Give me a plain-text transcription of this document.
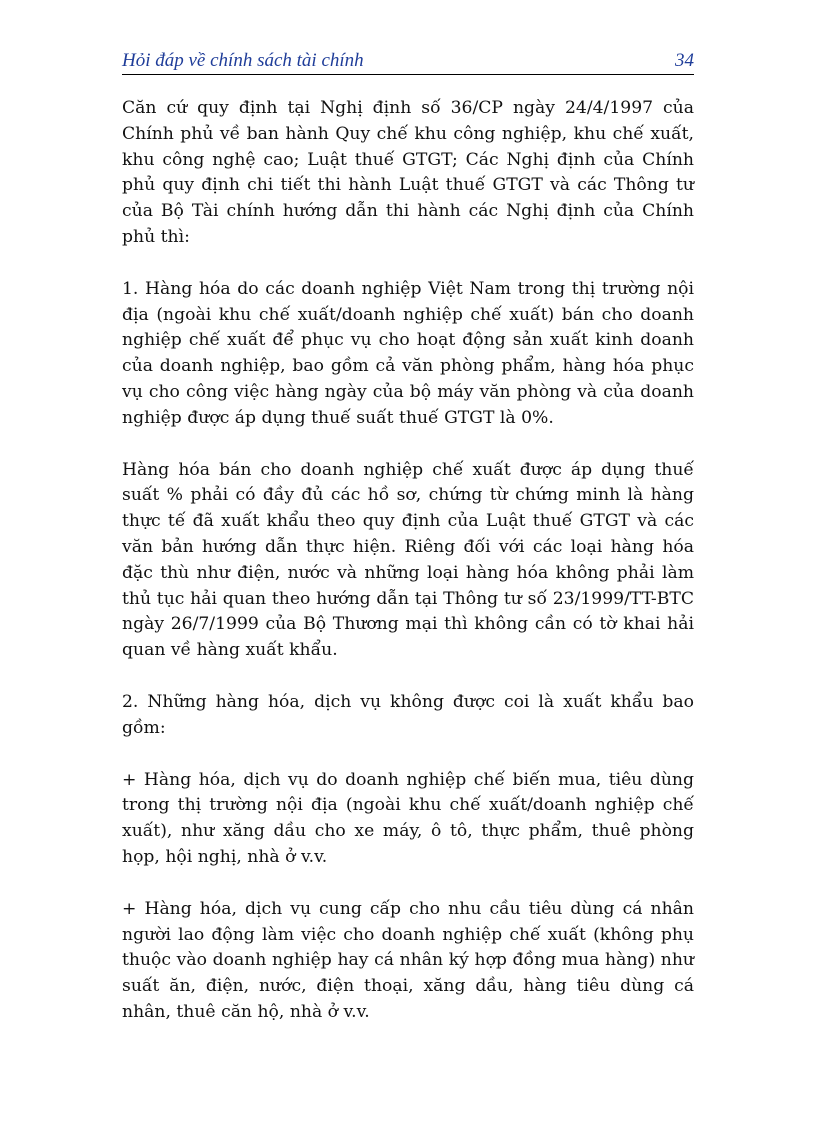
Hỏi đáp về chính sách tài chính	34

Căn cứ quy định tại Nghị định số 36/CP ngày 24/4/1997 của Chính phủ về ban hành Quy chế khu công nghiệp, khu chế xuất, khu công nghệ cao; Luật thuế GTGT; Các Nghị định của Chính phủ quy định chi tiết thi hành Luật thuế GTGT và các Thông tư của Bộ Tài chính hướng dẫn thi hành các Nghị định của Chính phủ thì:

1. Hàng hóa do các doanh nghiệp Việt Nam trong thị trường nội địa (ngoài khu chế xuất/doanh nghiệp chế xuất) bán cho doanh nghiệp chế xuất để phục vụ cho hoạt động sản xuất kinh doanh của doanh nghiệp, bao gồm cả văn phòng phẩm, hàng hóa phục vụ cho công việc hàng ngày của bộ máy văn phòng và của doanh nghiệp được áp dụng thuế suất thuế GTGT là 0%.

Hàng hóa bán cho doanh nghiệp chế xuất được áp dụng thuế suất % phải có đầy đủ các hồ sơ, chứng từ chứng minh là hàng thực tế đã xuất khẩu theo quy định của Luật thuế GTGT và các văn bản hướng dẫn thực hiện. Riêng đối với các loại hàng hóa đặc thù như điện, nước và những loại hàng hóa không phải làm thủ tục hải quan theo hướng dẫn tại Thông tư số 23/1999/TT-BTC ngày 26/7/1999 của Bộ Thương mại thì không cần có tờ khai hải quan về hàng xuất khẩu.

2. Những hàng hóa, dịch vụ không được coi là xuất khẩu bao gồm:

+ Hàng hóa, dịch vụ do doanh nghiệp chế biến mua, tiêu dùng trong thị trường nội địa (ngoài khu chế xuất/doanh nghiệp chế xuất), như xăng dầu cho xe máy, ô tô, thực phẩm, thuê phòng họp, hội nghị, nhà ở v.v.

+ Hàng hóa, dịch vụ cung cấp cho nhu cầu tiêu dùng cá nhân người lao động làm việc cho doanh nghiệp chế xuất (không phụ thuộc vào doanh nghiệp hay cá nhân ký hợp đồng mua hàng) như suất ăn, điện, nước, điện thoại, xăng dầu, hàng tiêu dùng cá nhân, thuê căn hộ, nhà ở v.v.
